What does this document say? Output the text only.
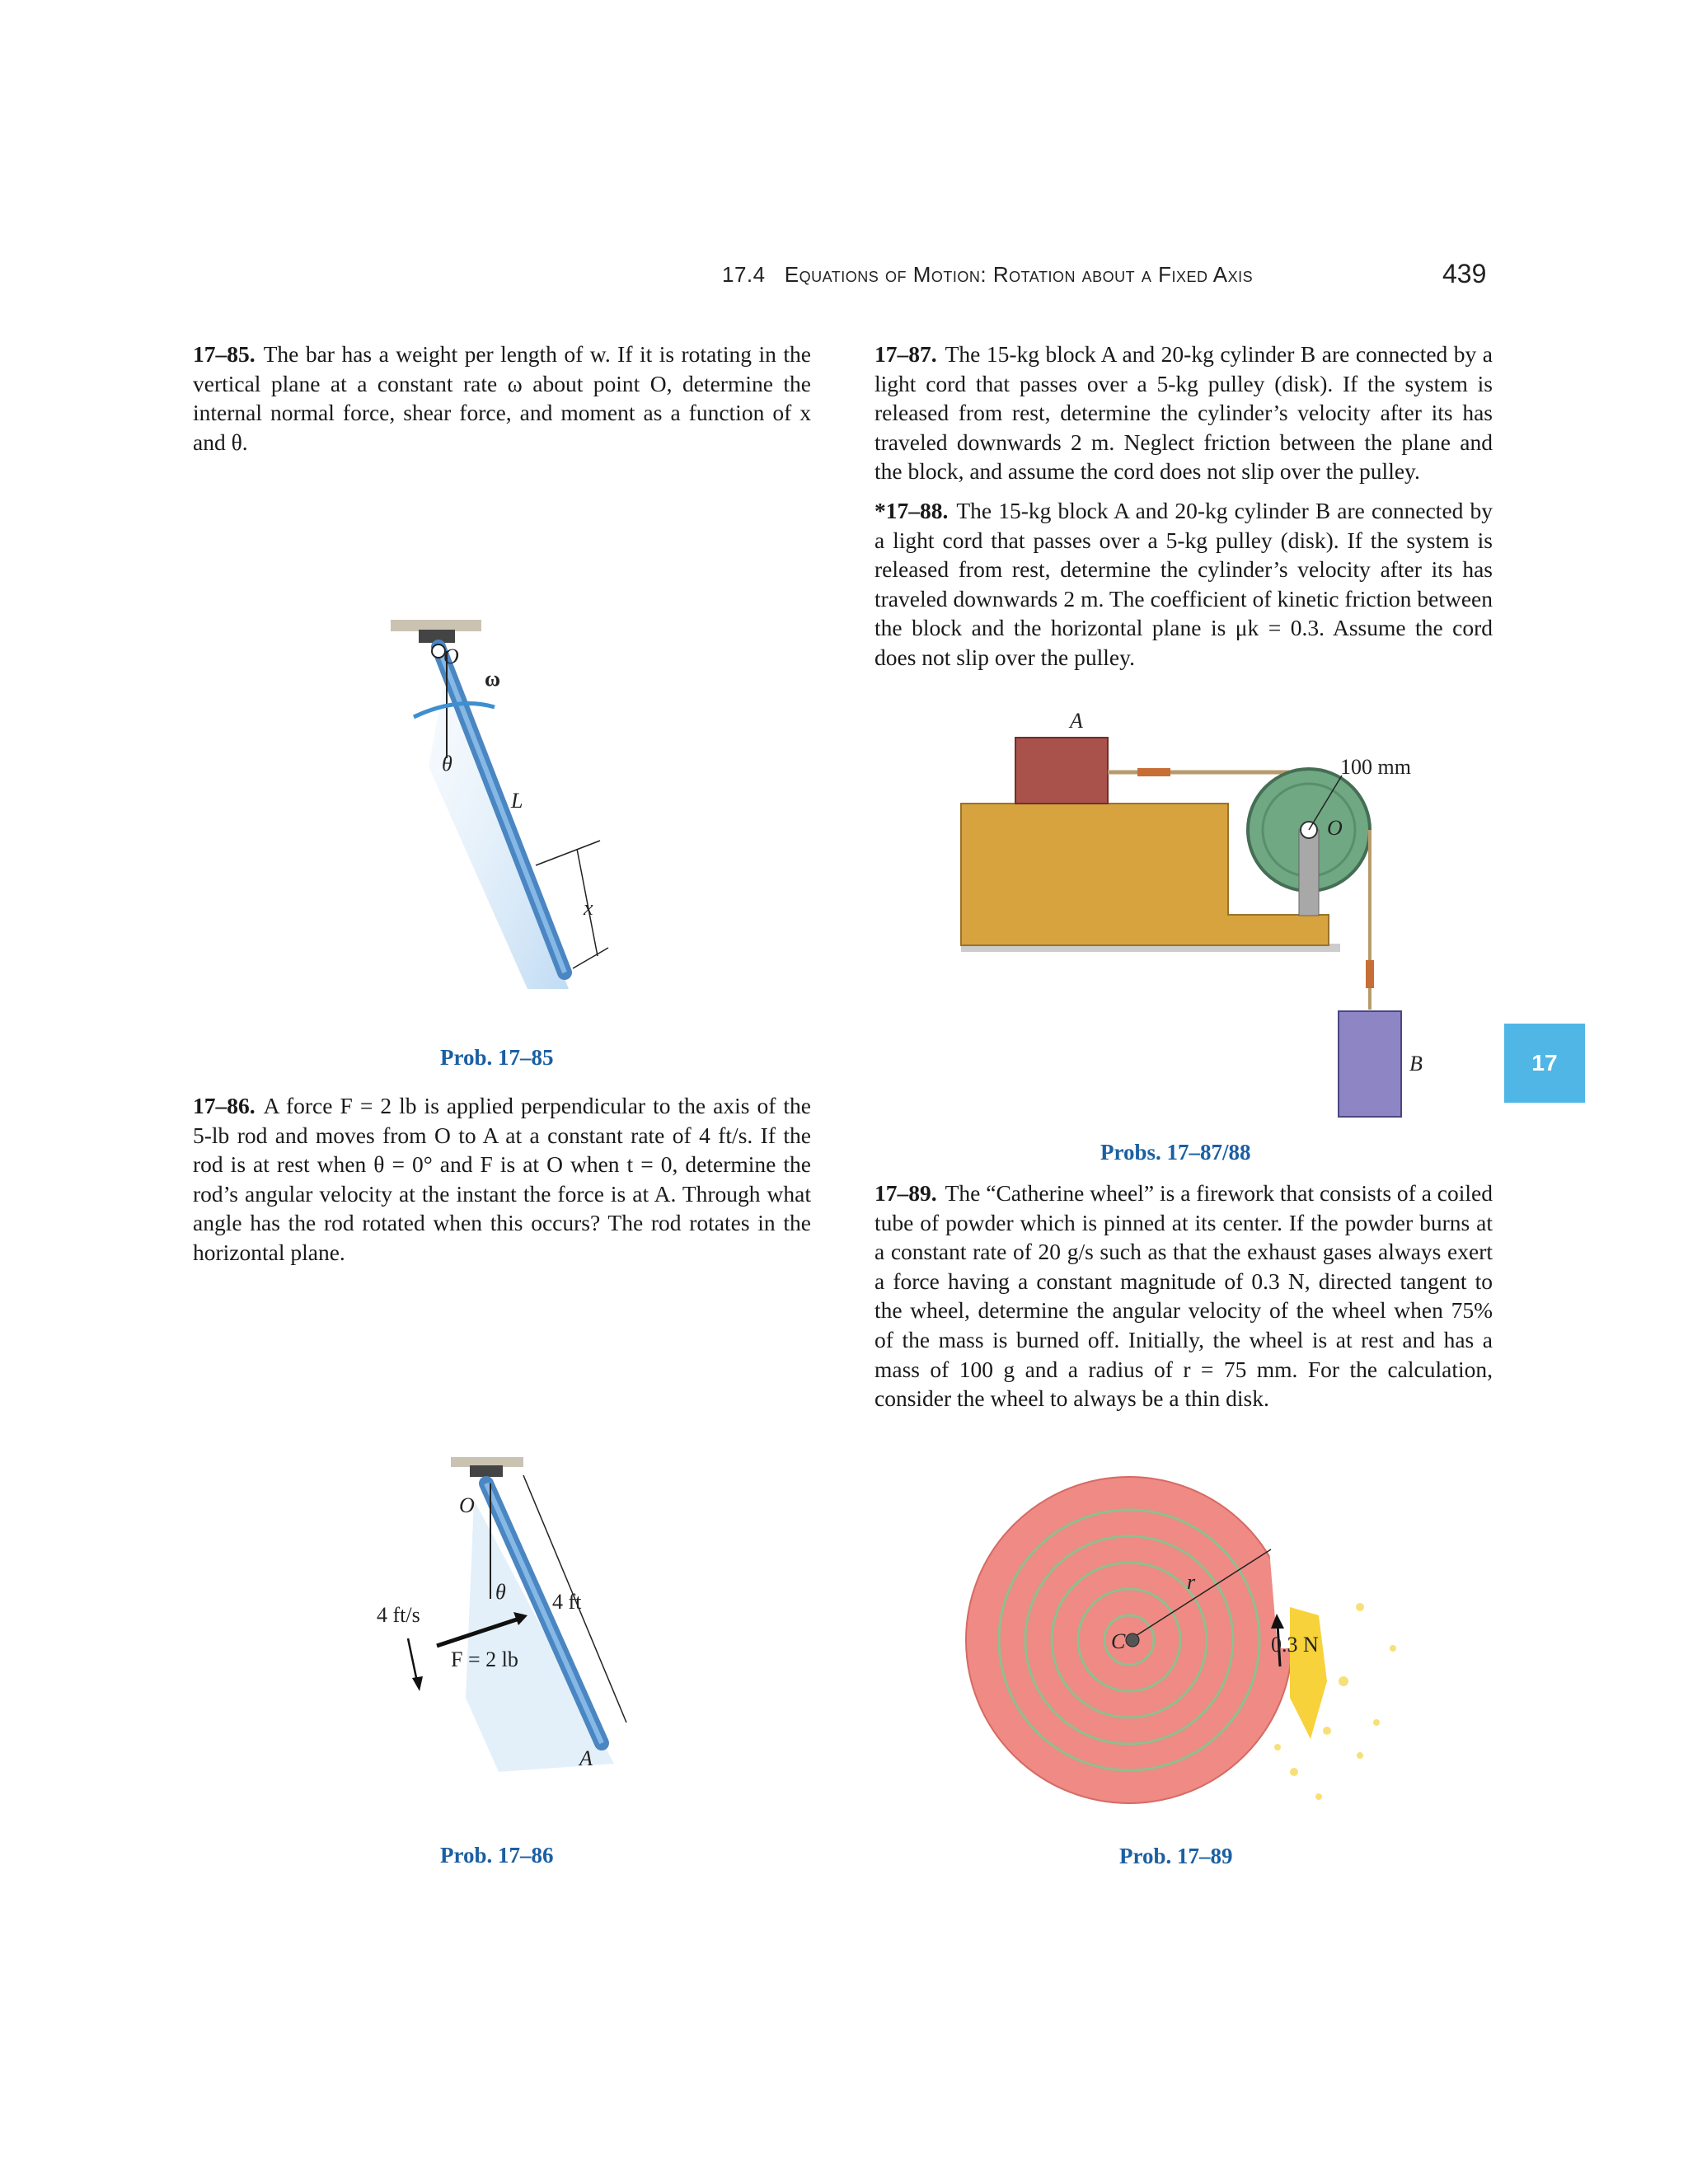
17.4 Equations of Motion: Rotation about a Fixed Axis	439

17–85. The bar has a weight per length of w. If it is rotating in the vertical plane at a constant rate ω about point O, determine the internal normal force, shear force, and moment as a function of x and θ.

O
ω
θ
L
x
Prob. 17–85

17–86. A force F = 2 lb is applied perpendicular to the axis of the 5-lb rod and moves from O to A at a constant rate of 4 ft/s. If the rod is at rest when θ = 0° and F is at O when t = 0, determine the rod’s angular velocity at the instant the force is at A. Through what angle has the rod rotated when this occurs? The rod rotates in the horizontal plane.

O
θ 4 ft
4 ft/s
F = 2 lb
A
Prob. 17–86

17–87. The 15-kg block A and 20-kg cylinder B are connected by a light cord that passes over a 5-kg pulley (disk). If the system is released from rest, determine the cylinder’s velocity after its has traveled downwards 2 m. Neglect friction between the plane and the block, and assume the cord does not slip over the pulley.

*17–88. The 15-kg block A and 20-kg cylinder B are connected by a light cord that passes over a 5-kg pulley (disk). If the system is released from rest, determine the cylinder’s velocity after its has traveled downwards 2 m. The coefficient of kinetic friction between the block and the horizontal plane is μk = 0.3. Assume the cord does not slip over the pulley.

A
100 mm
O
B
Probs. 17–87/88
17

17–89. The “Catherine wheel” is a firework that consists of a coiled tube of powder which is pinned at its center. If the powder burns at a constant rate of 20 g/s such as that the exhaust gases always exert a force having a constant magnitude of 0.3 N, directed tangent to the wheel, determine the angular velocity of the wheel when 75% of the mass is burned off. Initially, the wheel is at rest and has a mass of 100 g and a radius of r = 75 mm. For the calculation, consider the wheel to always be a thin disk.

C
r
0.3 N
Prob. 17–89
